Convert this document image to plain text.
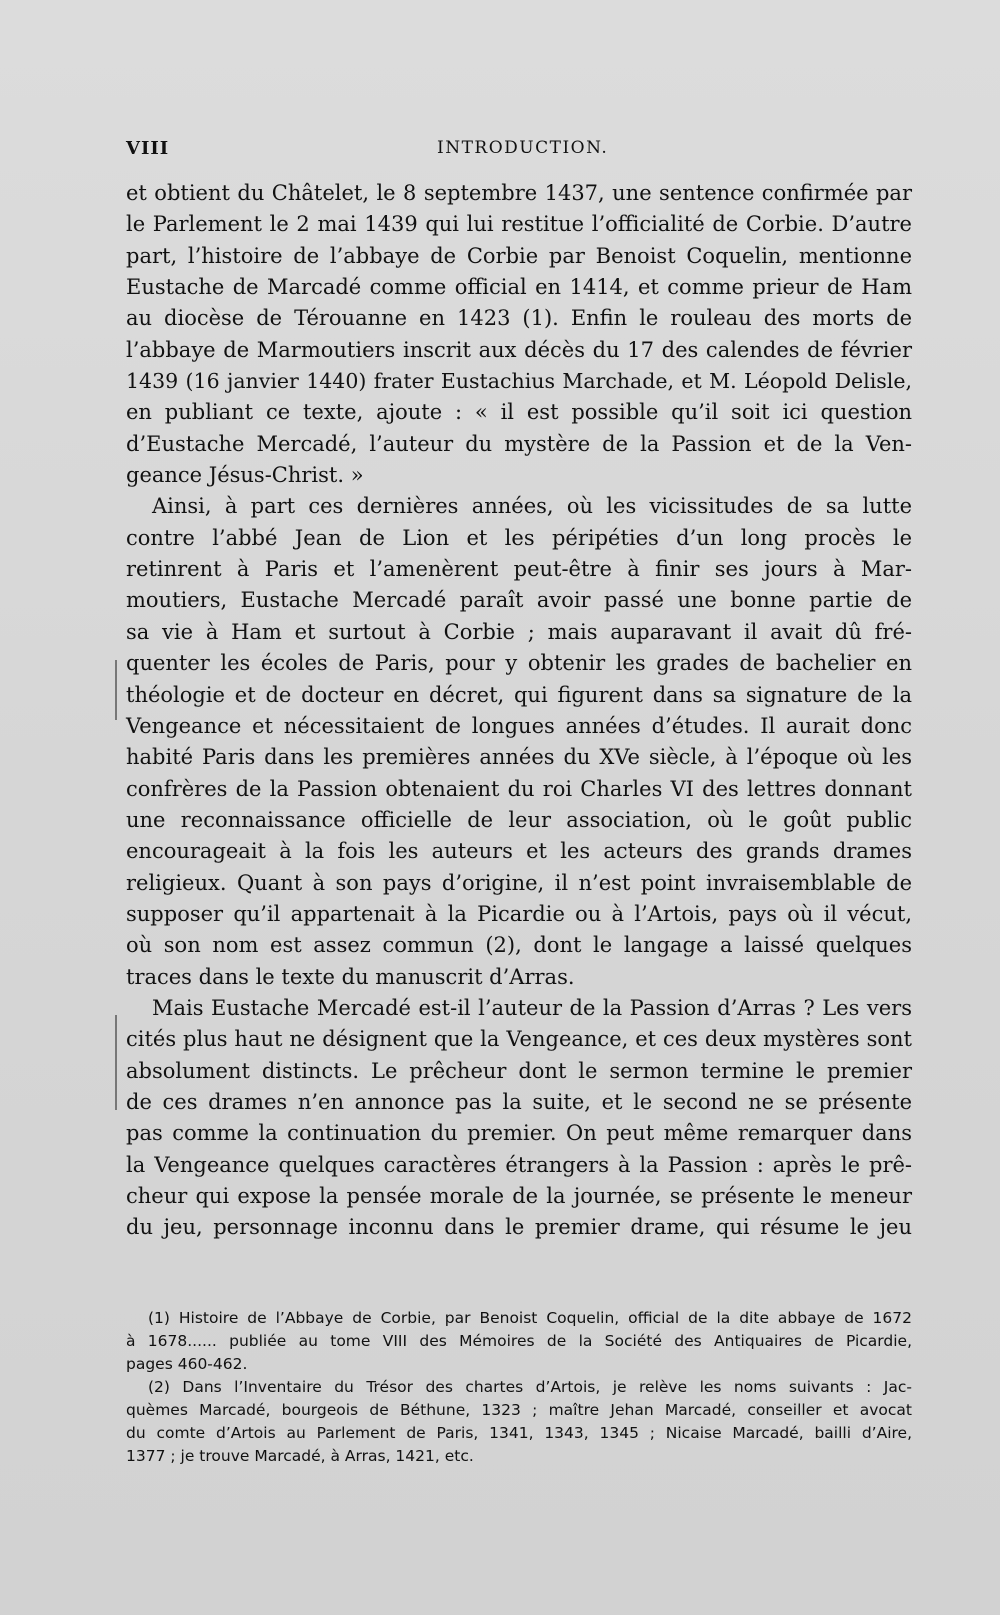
VIII	INTRODUCTION.
et obtient du Châtelet, le 8 septembre 1437, une sentence confirmée par
le Parlement le 2 mai 1439 qui lui restitue l’officialité de Corbie. D’autre
part, l’histoire de l’abbaye de Corbie par Benoist Coquelin, mentionne
Eustache de Marcadé comme official en 1414, et comme prieur de Ham
au diocèse de Térouanne en 1423 (1). Enfin le rouleau des morts de
l’abbaye de Marmoutiers inscrit aux décès du 17 des calendes de février
1439 (16 janvier 1440) frater Eustachius Marchade, et M. Léopold Delisle,
en publiant ce texte, ajoute : « il est possible qu’il soit ici question
d’Eustache Mercadé, l’auteur du mystère de la Passion et de la Ven-
geance Jésus-Christ. »
Ainsi, à part ces dernières années, où les vicissitudes de sa lutte
contre l’abbé Jean de Lion et les péripéties d’un long procès le
retinrent à Paris et l’amenèrent peut-être à finir ses jours à Mar-
moutiers, Eustache Mercadé paraît avoir passé une bonne partie de
sa vie à Ham et surtout à Corbie ; mais auparavant il avait dû fré-
quenter les écoles de Paris, pour y obtenir les grades de bachelier en
théologie et de docteur en décret, qui figurent dans sa signature de la
Vengeance et nécessitaient de longues années d’études. Il aurait donc
habité Paris dans les premières années du XVe siècle, à l’époque où les
confrères de la Passion obtenaient du roi Charles VI des lettres donnant
une reconnaissance officielle de leur association, où le goût public
encourageait à la fois les auteurs et les acteurs des grands drames
religieux. Quant à son pays d’origine, il n’est point invraisemblable de
supposer qu’il appartenait à la Picardie ou à l’Artois, pays où il vécut,
où son nom est assez commun (2), dont le langage a laissé quelques
traces dans le texte du manuscrit d’Arras.
Mais Eustache Mercadé est-il l’auteur de la Passion d’Arras ? Les vers
cités plus haut ne désignent que la Vengeance, et ces deux mystères sont
absolument distincts. Le prêcheur dont le sermon termine le premier
de ces drames n’en annonce pas la suite, et le second ne se présente
pas comme la continuation du premier. On peut même remarquer dans
la Vengeance quelques caractères étrangers à la Passion : après le prê-
cheur qui expose la pensée morale de la journée, se présente le meneur
du jeu, personnage inconnu dans le premier drame, qui résume le jeu
(1) Histoire de l’Abbaye de Corbie, par Benoist Coquelin, official de la dite abbaye de 1672
à 1678...... publiée au tome VIII des Mémoires de la Société des Antiquaires de Picardie,
pages 460-462.
(2) Dans l’Inventaire du Trésor des chartes d’Artois, je relève les noms suivants : Jac-
quèmes Marcadé, bourgeois de Béthune, 1323 ; maître Jehan Marcadé, conseiller et avocat
du comte d’Artois au Parlement de Paris, 1341, 1343, 1345 ; Nicaise Marcadé, bailli d’Aire,
1377 ; je trouve Marcadé, à Arras, 1421, etc.
